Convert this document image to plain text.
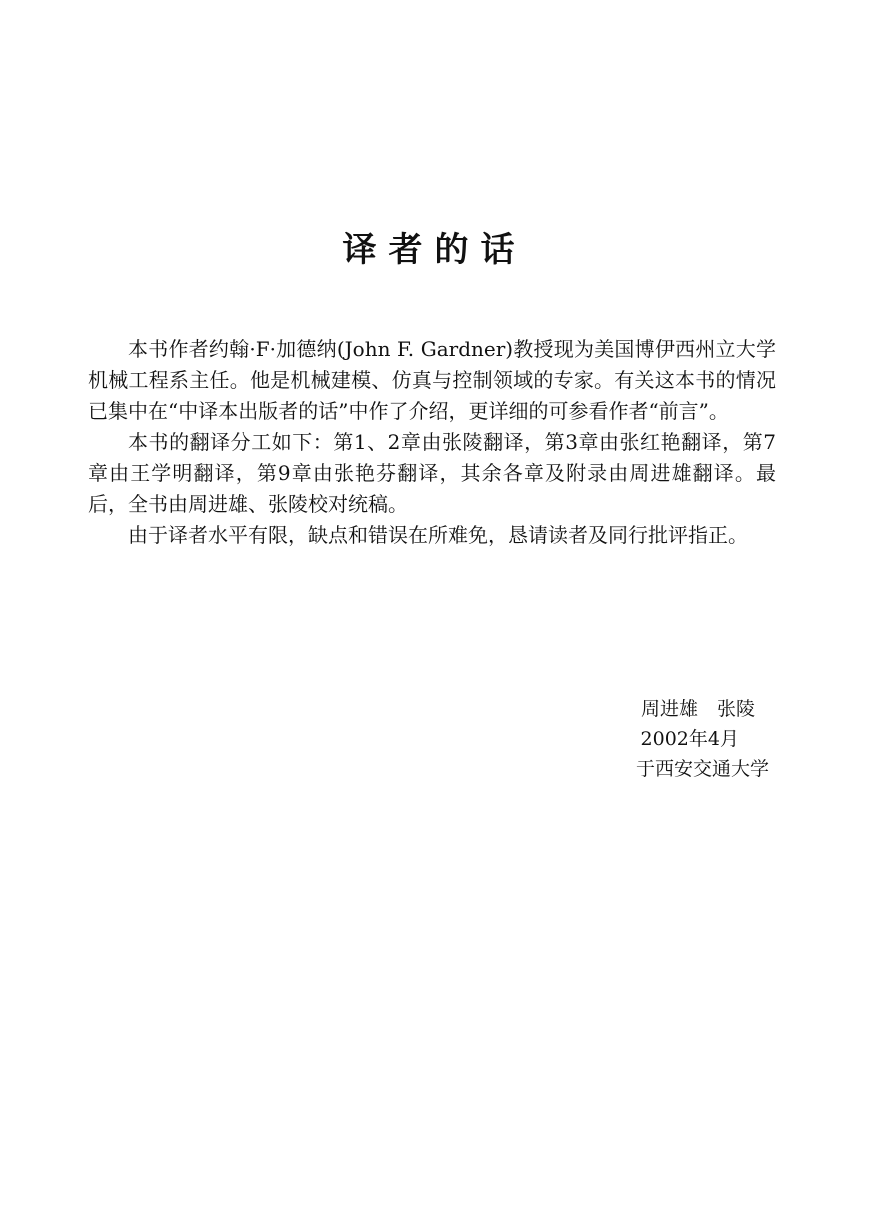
译者的话

本书作者约翰·F·加德纳(John F. Gardner)教授现为美国博伊西州立大学机械工程系主任。他是机械建模、仿真与控制领域的专家。有关这本书的情况已集中在“中译本出版者的话”中作了介绍，更详细的可参看作者“前言”。

本书的翻译分工如下：第1、2章由张陵翻译，第3章由张红艳翻译，第7章由王学明翻译，第9章由张艳芬翻译，其余各章及附录由周进雄翻译。最后，全书由周进雄、张陵校对统稿。

由于译者水平有限，缺点和错误在所难免，恳请读者及同行批评指正。

周进雄　张陵
2002年4月
于西安交通大学
